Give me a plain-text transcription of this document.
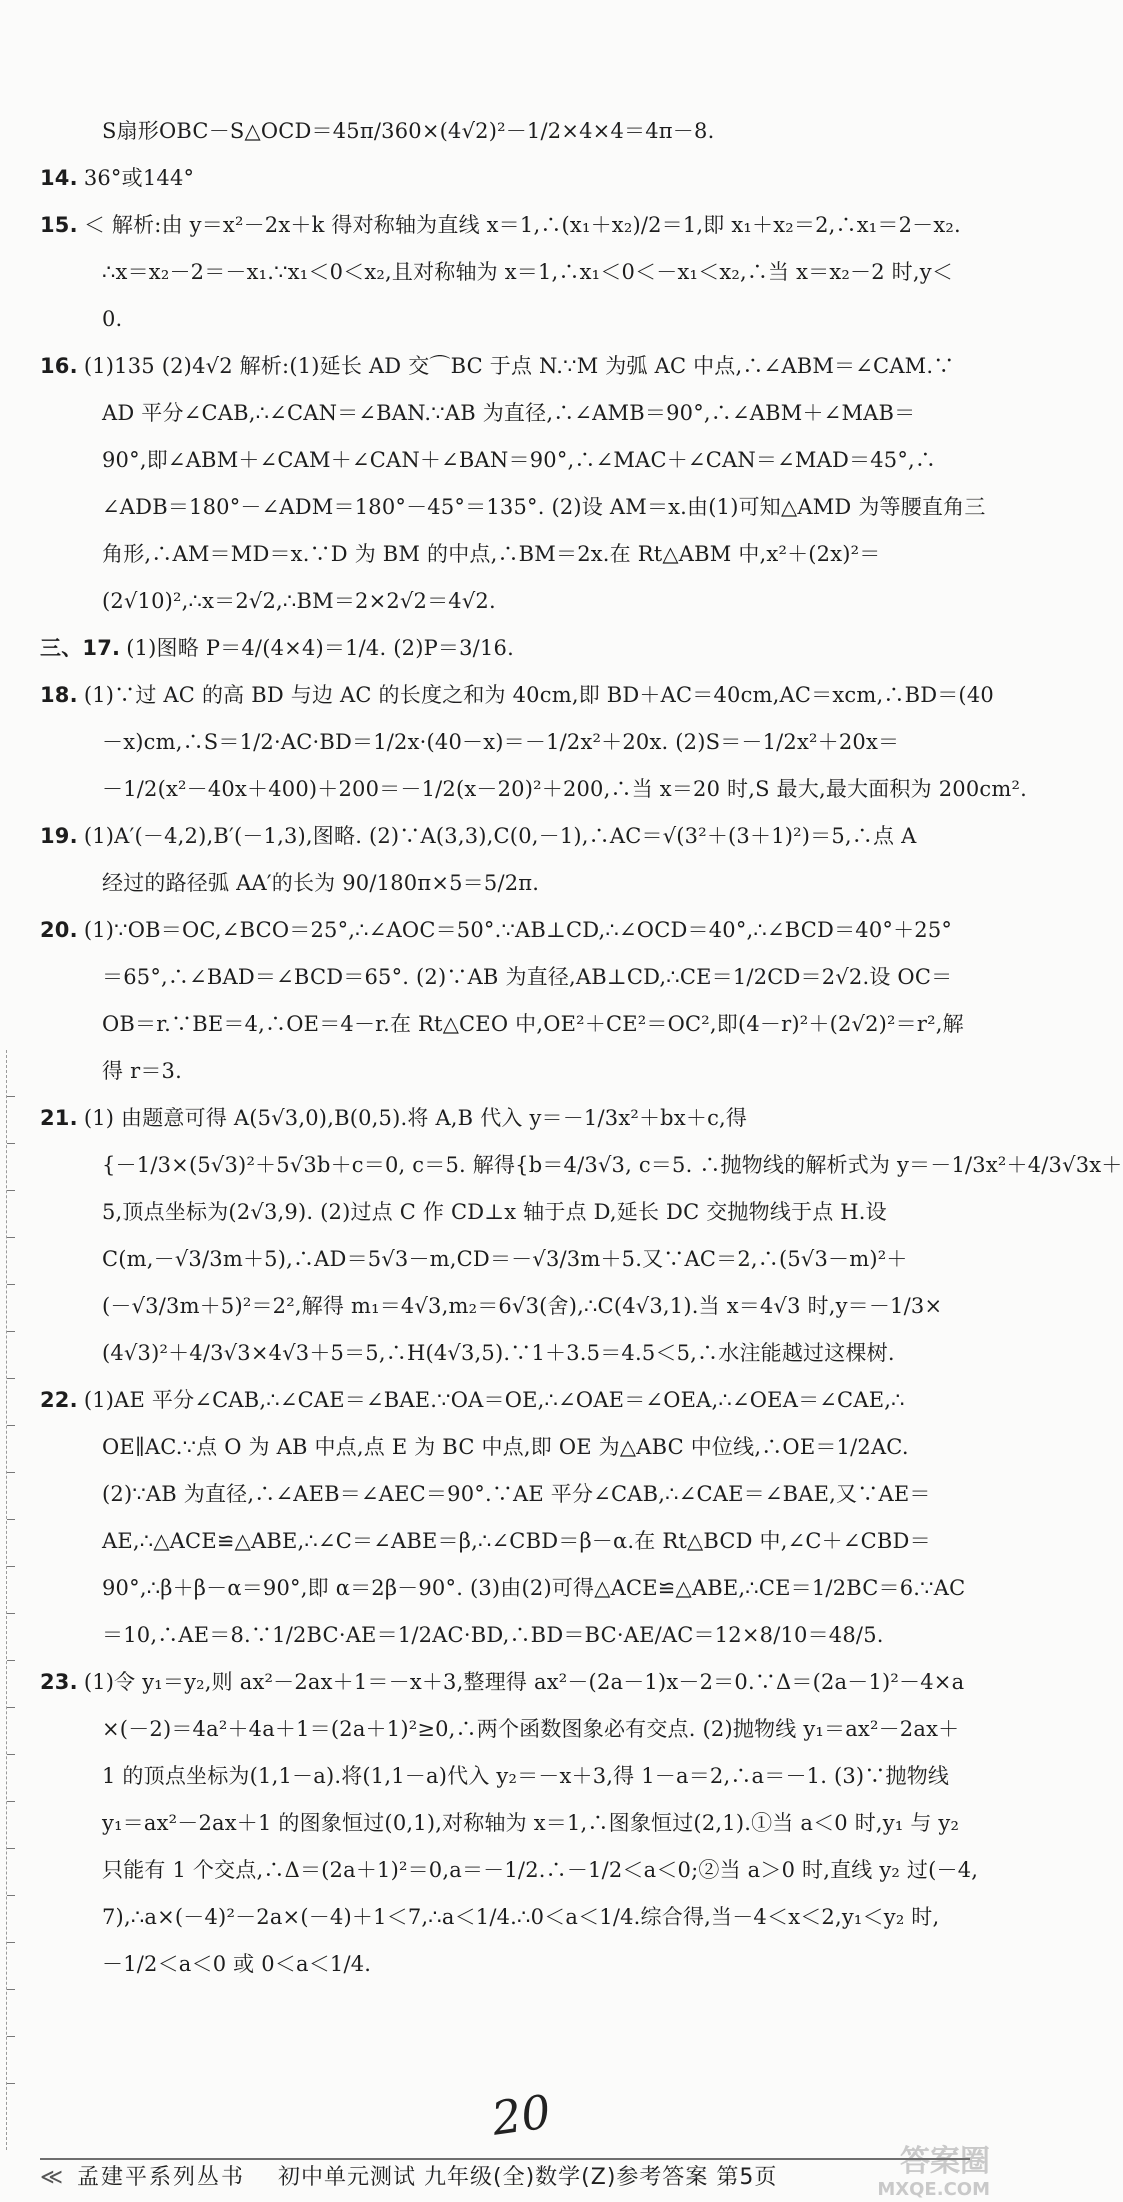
S扇形OBC－S△OCD＝45π/360×(4√2)²－1/2×4×4＝4π－8.
14. 36°或144°
15. ＜ 解析:由 y＝x²－2x＋k 得对称轴为直线 x＝1,∴(x₁＋x₂)/2＝1,即 x₁＋x₂＝2,∴x₁＝2－x₂.
∴x＝x₂－2＝－x₁.∵x₁＜0＜x₂,且对称轴为 x＝1,∴x₁＜0＜－x₁＜x₂,∴当 x＝x₂－2 时,y＜
0.
16. (1)135 (2)4√2 解析:(1)延长 AD 交⌒BC 于点 N.∵M 为弧 AC 中点,∴∠ABM＝∠CAM.∵
AD 平分∠CAB,∴∠CAN＝∠BAN.∵AB 为直径,∴∠AMB＝90°,∴∠ABM＋∠MAB＝
90°,即∠ABM＋∠CAM＋∠CAN＋∠BAN＝90°,∴∠MAC＋∠CAN＝∠MAD＝45°,∴
∠ADB＝180°－∠ADM＝180°－45°＝135°. (2)设 AM＝x.由(1)可知△AMD 为等腰直角三
角形,∴AM＝MD＝x.∵D 为 BM 的中点,∴BM＝2x.在 Rt△ABM 中,x²＋(2x)²＝
(2√10)²,∴x＝2√2,∴BM＝2×2√2＝4√2.
三、17. (1)图略 P＝4/(4×4)＝1/4. (2)P＝3/16.
18. (1)∵过 AC 的高 BD 与边 AC 的长度之和为 40cm,即 BD＋AC＝40cm,AC＝xcm,∴BD＝(40
－x)cm,∴S＝1/2·AC·BD＝1/2x·(40－x)＝－1/2x²＋20x. (2)S＝－1/2x²＋20x＝
－1/2(x²－40x＋400)＋200＝－1/2(x－20)²＋200,∴当 x＝20 时,S 最大,最大面积为 200cm².
19. (1)A′(－4,2),B′(－1,3),图略. (2)∵A(3,3),C(0,－1),∴AC＝√(3²＋(3＋1)²)＝5,∴点 A
经过的路径弧 AA′的长为 90/180π×5＝5/2π.
20. (1)∵OB＝OC,∠BCO＝25°,∴∠AOC＝50°.∵AB⊥CD,∴∠OCD＝40°,∴∠BCD＝40°＋25°
＝65°,∴∠BAD＝∠BCD＝65°. (2)∵AB 为直径,AB⊥CD,∴CE＝1/2CD＝2√2.设 OC＝
OB＝r.∵BE＝4,∴OE＝4－r.在 Rt△CEO 中,OE²＋CE²＝OC²,即(4－r)²＋(2√2)²＝r²,解
得 r＝3.
21. (1) 由题意可得 A(5√3,0),B(0,5).将 A,B 代入 y＝－1/3x²＋bx＋c,得
{－1/3×(5√3)²＋5√3b＋c＝0, c＝5. 解得{b＝4/3√3, c＝5. ∴抛物线的解析式为 y＝－1/3x²＋4/3√3x＋
5,顶点坐标为(2√3,9). (2)过点 C 作 CD⊥x 轴于点 D,延长 DC 交抛物线于点 H.设
C(m,－√3/3m＋5),∴AD＝5√3－m,CD＝－√3/3m＋5.又∵AC＝2,∴(5√3－m)²＋
(－√3/3m＋5)²＝2²,解得 m₁＝4√3,m₂＝6√3(舍),∴C(4√3,1).当 x＝4√3 时,y＝－1/3×
(4√3)²＋4/3√3×4√3＋5＝5,∴H(4√3,5).∵1＋3.5＝4.5＜5,∴水注能越过这棵树.
22. (1)AE 平分∠CAB,∴∠CAE＝∠BAE.∵OA＝OE,∴∠OAE＝∠OEA,∴∠OEA＝∠CAE,∴
OE∥AC.∵点 O 为 AB 中点,点 E 为 BC 中点,即 OE 为△ABC 中位线,∴OE＝1/2AC.
(2)∵AB 为直径,∴∠AEB＝∠AEC＝90°.∵AE 平分∠CAB,∴∠CAE＝∠BAE,又∵AE＝
AE,∴△ACE≌△ABE,∴∠C＝∠ABE＝β,∴∠CBD＝β－α.在 Rt△BCD 中,∠C＋∠CBD＝
90°,∴β＋β－α＝90°,即 α＝2β－90°. (3)由(2)可得△ACE≌△ABE,∴CE＝1/2BC＝6.∵AC
＝10,∴AE＝8.∵1/2BC·AE＝1/2AC·BD,∴BD＝BC·AE/AC＝12×8/10＝48/5.
23. (1)令 y₁＝y₂,则 ax²－2ax＋1＝－x＋3,整理得 ax²－(2a－1)x－2＝0.∵Δ＝(2a－1)²－4×a
×(－2)＝4a²＋4a＋1＝(2a＋1)²≥0,∴两个函数图象必有交点. (2)抛物线 y₁＝ax²－2ax＋
1 的顶点坐标为(1,1－a).将(1,1－a)代入 y₂＝－x＋3,得 1－a＝2,∴a＝－1. (3)∵抛物线
y₁＝ax²－2ax＋1 的图象恒过(0,1),对称轴为 x＝1,∴图象恒过(2,1).①当 a＜0 时,y₁ 与 y₂
只能有 1 个交点,∴Δ＝(2a＋1)²＝0,a＝－1/2.∴－1/2＜a＜0;②当 a＞0 时,直线 y₂ 过(－4,
7),∴a×(－4)²－2a×(－4)＋1＜7,∴a＜1/4.∴0＜a＜1/4.综合得,当－4＜x＜2,y₁＜y₂ 时,
－1/2＜a＜0 或 0＜a＜1/4.
20
答案圈
MXQE.COM
≪ 孟建平系列丛书 初中单元测试 九年级(全)数学(Z)参考答案 第5页
